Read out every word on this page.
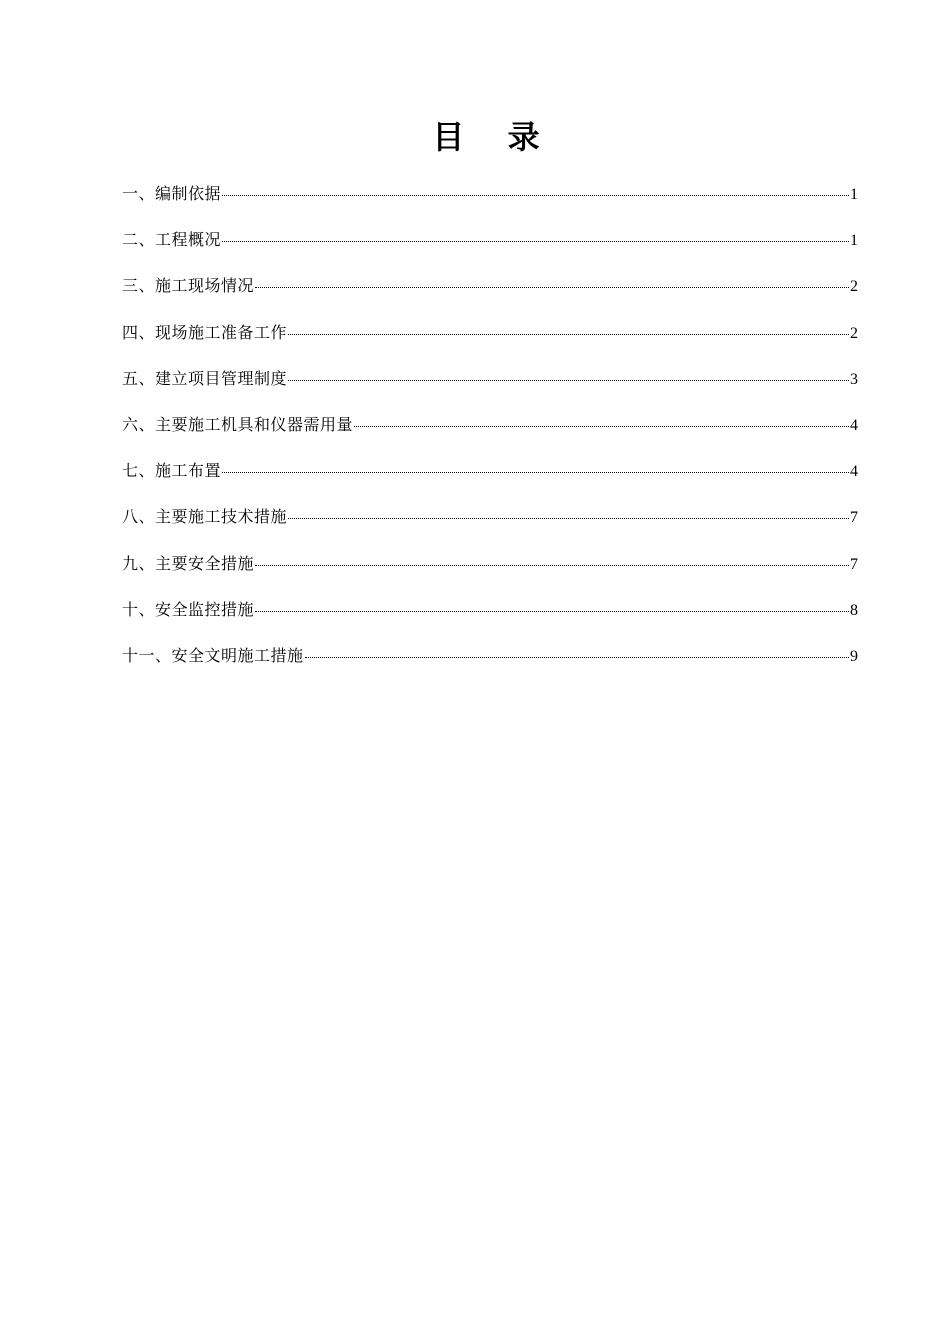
目 录
一、编制依据	1
二、工程概况	1
三、施工现场情况	2
四、现场施工准备工作	2
五、建立项目管理制度	3
六、主要施工机具和仪器需用量	4
七、施工布置	4
八、主要施工技术措施	7
九、主要安全措施	7
十、安全监控措施	8
十一、安全文明施工措施	9
